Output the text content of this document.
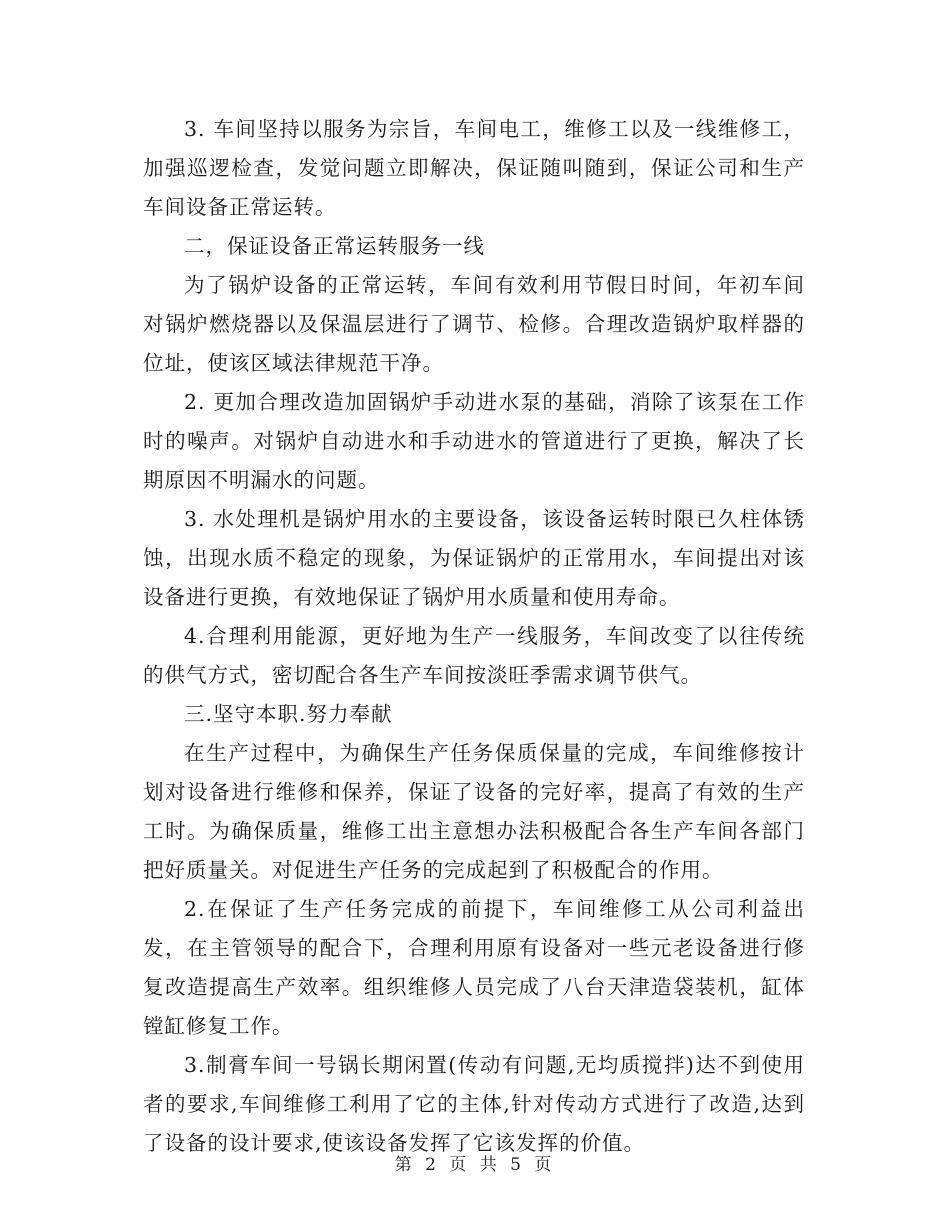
3. 车间坚持以服务为宗旨，车间电工，维修工以及一线维修工，加强巡逻检查，发觉问题立即解决，保证随叫随到，保证公司和生产车间设备正常运转。

二，保证设备正常运转服务一线

为了锅炉设备的正常运转，车间有效利用节假日时间，年初车间对锅炉燃烧器以及保温层进行了调节、检修。合理改造锅炉取样器的位址，使该区域法律规范干净。

2. 更加合理改造加固锅炉手动进水泵的基础，消除了该泵在工作时的噪声。对锅炉自动进水和手动进水的管道进行了更换，解决了长期原因不明漏水的问题。

3. 水处理机是锅炉用水的主要设备，该设备运转时限已久柱体锈蚀，出现水质不稳定的现象，为保证锅炉的正常用水，车间提出对该设备进行更换，有效地保证了锅炉用水质量和使用寿命。

4.合理利用能源，更好地为生产一线服务，车间改变了以往传统的供气方式，密切配合各生产车间按淡旺季需求调节供气。

三.坚守本职.努力奉献

在生产过程中，为确保生产任务保质保量的完成，车间维修按计划对设备进行维修和保养，保证了设备的完好率，提高了有效的生产工时。为确保质量，维修工出主意想办法积极配合各生产车间各部门把好质量关。对促进生产任务的完成起到了积极配合的作用。

2.在保证了生产任务完成的前提下，车间维修工从公司利益出发，在主管领导的配合下，合理利用原有设备对一些元老设备进行修复改造提高生产效率。组织维修人员完成了八台天津造袋装机，缸体镗缸修复工作。

3.制膏车间一号锅长期闲置(传动有问题,无均质搅拌)达不到使用者的要求,车间维修工利用了它的主体,针对传动方式进行了改造,达到了设备的设计要求,使该设备发挥了它该发挥的价值。

第 2 页 共 5 页
